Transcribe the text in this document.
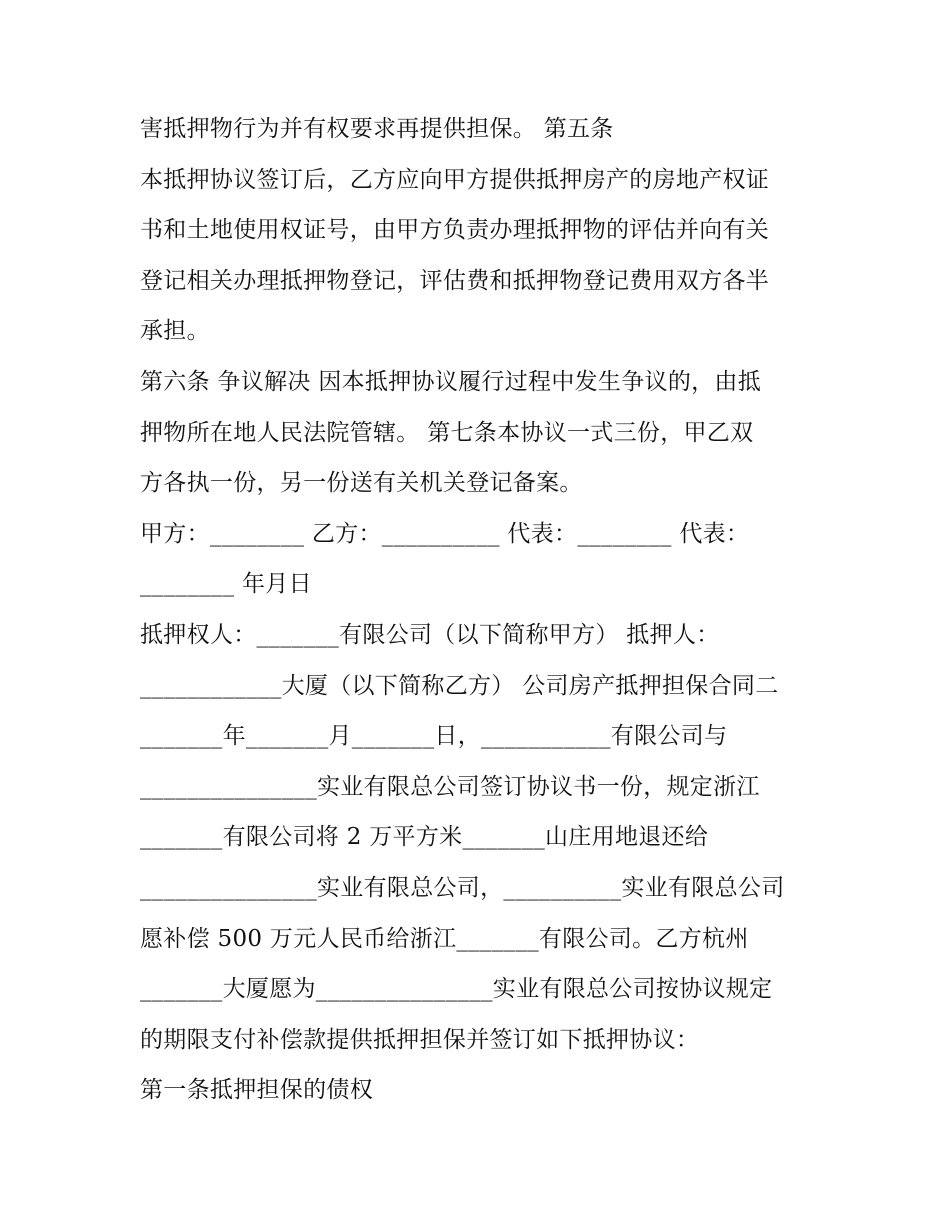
害抵押物行为并有权要求再提供担保。 第五条
本抵押协议签订后，乙方应向甲方提供抵押房产的房地产权证
书和土地使用权证号，由甲方负责办理抵押物的评估并向有关
登记相关办理抵押物登记，评估费和抵押物登记费用双方各半
承担。
第六条 争议解决 因本抵押协议履行过程中发生争议的，由抵
押物所在地人民法院管辖。 第七条本协议一式三份，甲乙双
方各执一份，另一份送有关机关登记备案。
甲方：________ 乙方：__________ 代表：________ 代表：
________ 年月日
抵押权人：_______有限公司（以下简称甲方） 抵押人：
____________大厦（以下简称乙方） 公司房产抵押担保合同二
_______年_______月_______日，___________有限公司与
_______________实业有限总公司签订协议书一份，规定浙江
_______有限公司将 2 万平方米_______山庄用地退还给
_______________实业有限总公司，__________实业有限总公司
愿补偿 500 万元人民币给浙江_______有限公司。乙方杭州
_______大厦愿为_______________实业有限总公司按协议规定
的期限支付补偿款提供抵押担保并签订如下抵押协议：
第一条抵押担保的债权
